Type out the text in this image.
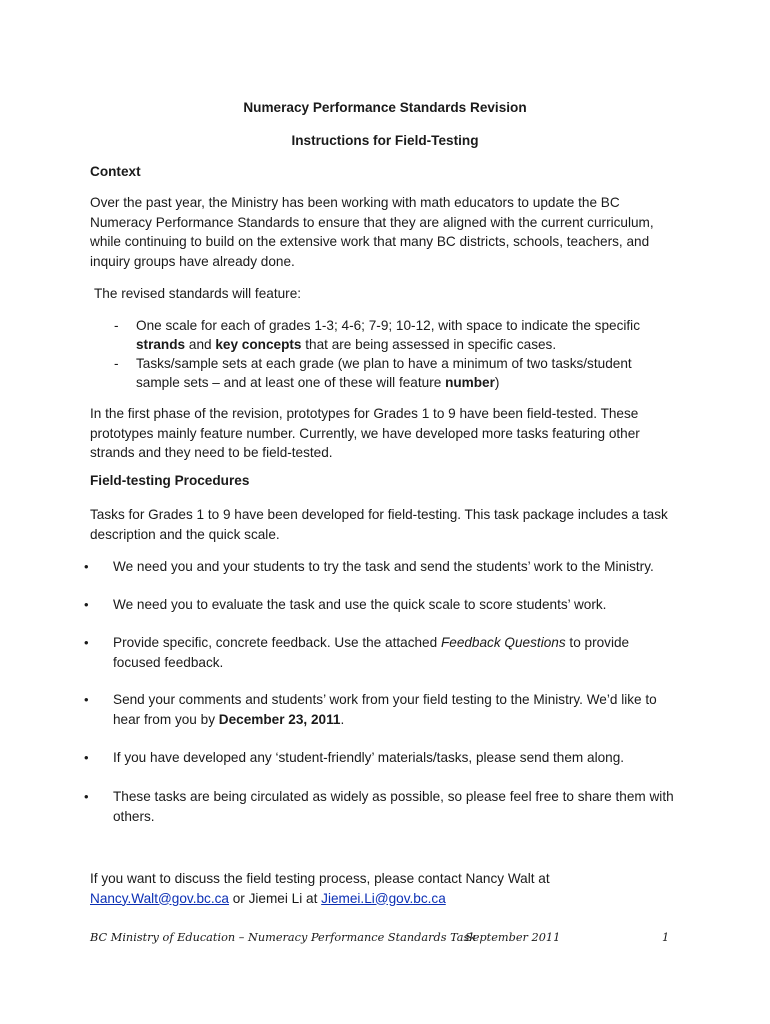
Numeracy Performance Standards Revision
Instructions for Field-Testing
Context
Over the past year, the Ministry has been working with math educators to update the BC Numeracy Performance Standards to ensure that they are aligned with the current curriculum, while continuing to build on the extensive work that many BC districts, schools, teachers, and inquiry groups have already done.
The revised standards will feature:
- One scale for each of grades 1-3; 4-6; 7-9; 10-12, with space to indicate the specific strands and key concepts that are being assessed in specific cases.
- Tasks/sample sets at each grade (we plan to have a minimum of two tasks/student sample sets – and at least one of these will feature number)
In the first phase of the revision, prototypes for Grades 1 to 9 have been field-tested. These prototypes mainly feature number. Currently, we have developed more tasks featuring other strands and they need to be field-tested.
Field-testing Procedures
Tasks for Grades 1 to 9 have been developed for field-testing. This task package includes a task description and the quick scale.
• We need you and your students to try the task and send the students’ work to the Ministry.
• We need you to evaluate the task and use the quick scale to score students’ work.
• Provide specific, concrete feedback. Use the attached Feedback Questions to provide focused feedback.
• Send your comments and students’ work from your field testing to the Ministry. We’d like to hear from you by December 23, 2011.
• If you have developed any ‘student-friendly’ materials/tasks, please send them along.
• These tasks are being circulated as widely as possible, so please feel free to share them with others.
If you want to discuss the field testing process, please contact Nancy Walt at
Nancy.Walt@gov.bc.ca or Jiemei Li at Jiemei.Li@gov.bc.ca
BC Ministry of Education – Numeracy Performance Standards Task
September 2011	1
